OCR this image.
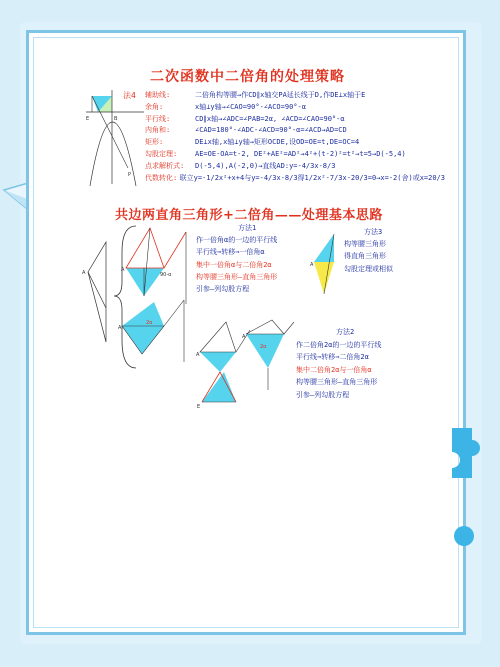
二次函数中二倍角的处理策略
E	B
P
法4 辅助线:	二倍角构等腰→作CD∥x轴交PA延长线于D,作DE⊥x轴于E
余角:	x轴⊥y轴→∠CAO=90°-∠ACO=90°-α
平行线:	CD∥x轴→∠ADC=∠PAB=2α, ∠ACD=∠CAO=90°-α
内角和:	∠CAD=180°-∠ADC-∠ACD=90°-α=∠ACD→AD=CD
矩形:	DE⊥x轴,x轴⊥y轴→矩形OCDE,设OD=OE=t,DE=OC=4
勾股定理:	AE=OE-OA=t-2, DE²+AE²=AD²→4²+(t-2)²=t²→t=5→D(-5,4)
点求解析式:	D(-5,4),A(-2,0)→直线AD:y=-4/3x-8/3
代数转化: 联立y=-1/2x²+x+4与y=-4/3x-8/3得1/2x²-7/3x-20/3=0→x=-2(舍)或x=20/3
共边两直角三角形+二倍角——处理基本思路
A	A
90-α
A
2α
方法1
作一倍角α的一边的平行线
平行线⇒转移⇒一倍角α
集中一倍角α与二倍角2α
构等腰三角形—直角三角形
引参—列勾股方程
A
方法3
构等腰三角形
得直角三角形
勾股定理或相似
A
E
A
2α
方法2
作二倍角2α的一边的平行线
平行线⇒转移⇒二倍角2α
集中二倍角2α与一倍角α
构等腰三角形—直角三角形
引参—列勾股方程
